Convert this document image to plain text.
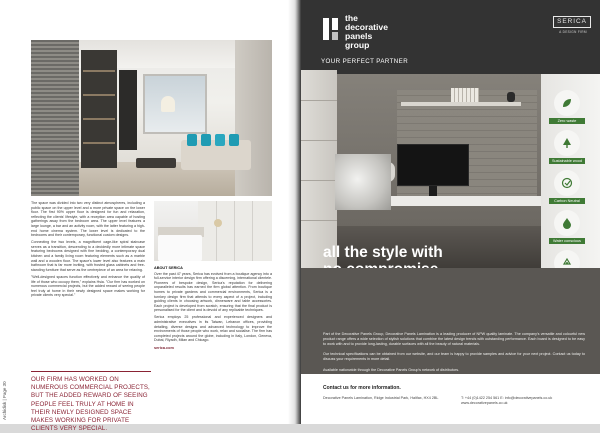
Archidisk | Page 30

The space was divided into two very distinct atmospheres, including a public space on the upper level and a more private space on the lower floor. The first 90% upper floor is designed for fun and relaxation, reflecting the clients' lifestyle, with a reception area capable of hosting gatherings away from the bedroom area. The upper level features a large lounge, a bar and an activity room, with the latter featuring a high-end home cinema system. The lower level is dedicated to the bedrooms and their contemporary, functional custom designs.

Connecting the two levels, a magnificent cage-like spiral staircase serves as a transition, descending to a decidedly more intimate space featuring bedrooms designed with fine bedding, a contemporary dual kitchen and a family living room featuring elements such as a marble wall and a wooden floor. The space's lower level also features a main bathroom that is far more inviting, with frosted glass cabinets and free-standing furniture that serve as the centrepiece of an area for relaxing.

"Well-designed spaces function effectively and enhance the quality of life of those who occupy them," explains Hsia. "Our firm has worked on numerous commercial projects, but the added reward of seeing people feel truly at home in their newly designed space makes working for private clients very special."

ABOUT SERICA

Over the past 47 years, Serica has evolved from a boutique agency into a full-service interior design firm offering a discerning, international clientele. Pioneers of bespoke design, Serica's reputation for delivering unparalleled results has earned the firm global attention. From boutique homes to private gardens and commercial environments, Serica is a turnkey design firm that attends to every aspect of a project, including guiding clients in choosing artwork, dinnerware and table accessories. Each project is developed from scratch, ensuring that the final product is personalised for the client and is devoid of any replicable techniques.

Serica employs 25 professional and experienced designers and administrative executives in its Taiwan, Lebanon offices, providing detailing, diverse designs and advanced technology to improve the environments of those people who work, relax and socialise. The firm has completed projects around the globe, including in Italy, London, Geneva, Dubai, Riyadh, Milan and Chicago.

serica.com
OUR FIRM HAS WORKED ON NUMEROUS COMMERCIAL PROJECTS, BUT THE ADDED REWARD OF SEEING PEOPLE FEEL TRULY AT HOME IN THEIR NEWLY DESIGNED SPACE MAKES WORKING FOR PRIVATE CLIENTS VERY SPECIAL.
the
decorative
panels
group
YOUR PERFECT PARTNER
SERICA
A DESIGN FIRM
Zero waste
Sustainable wood
Carbon Neutral
Water conscious
all the style with
Part of the Decorative Panels Group, Decorative Panels Lamination is a leading producer of NPW quality laminate. The company's versatile and colourful new product range offers a wide selection of stylish solutions that combine the latest design trends with outstanding performance. Each board is designed to be easy to work with and to provide long-lasting, durable surfaces with all the beauty of natural materials.
Our technical specifications can be obtained from our website, and our team is happy to provide samples and advice for your next project. Contact us today to discuss your requirements in more detail.
Available nationwide through the Decorative Panels Group's network of distributors.
Contact us for more information.
Decorative Panels Lamination, Ridge Industrial Park, Halifax, HX4 2BL	T: +44 (0)1422 254 561 E: info@decorativepanels.co.uk www.decorativepanels.co.uk
